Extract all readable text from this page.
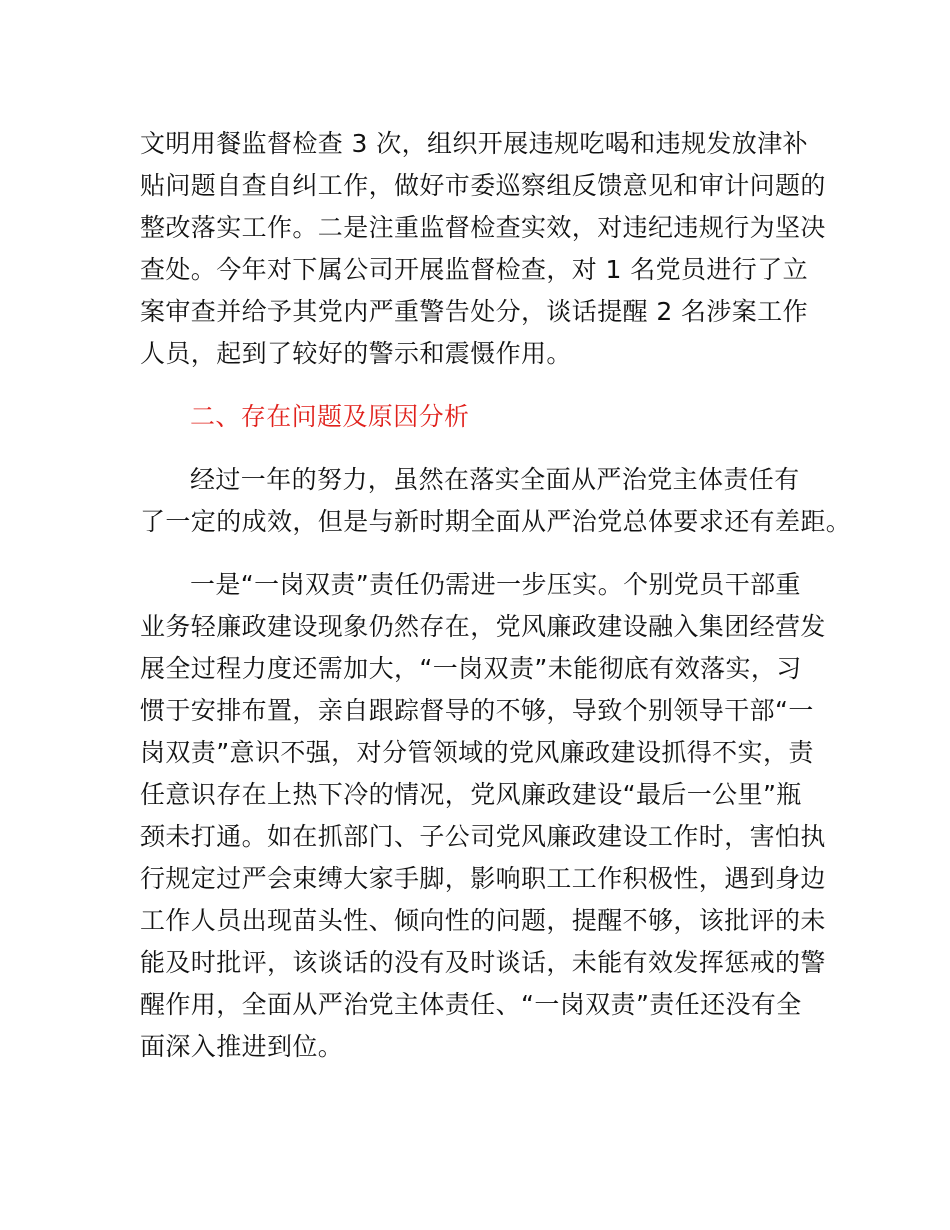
文明用餐监督检查 3 次，组织开展违规吃喝和违规发放津补
贴问题自查自纠工作，做好市委巡察组反馈意见和审计问题的
整改落实工作。二是注重监督检查实效，对违纪违规行为坚决
查处。今年对下属公司开展监督检查，对 1 名党员进行了立
案审查并给予其党内严重警告处分，谈话提醒 2 名涉案工作
人员，起到了较好的警示和震慑作用。
二、存在问题及原因分析
经过一年的努力，虽然在落实全面从严治党主体责任有
了一定的成效，但是与新时期全面从严治党总体要求还有差距。
一是“一岗双责”责任仍需进一步压实。个别党员干部重
业务轻廉政建设现象仍然存在，党风廉政建设融入集团经营发
展全过程力度还需加大，“一岗双责”未能彻底有效落实，习
惯于安排布置，亲自跟踪督导的不够，导致个别领导干部“一
岗双责”意识不强，对分管领域的党风廉政建设抓得不实，责
任意识存在上热下冷的情况，党风廉政建设“最后一公里”瓶
颈未打通。如在抓部门、子公司党风廉政建设工作时，害怕执
行规定过严会束缚大家手脚，影响职工工作积极性，遇到身边
工作人员出现苗头性、倾向性的问题，提醒不够，该批评的未
能及时批评，该谈话的没有及时谈话，未能有效发挥惩戒的警
醒作用，全面从严治党主体责任、“一岗双责”责任还没有全
面深入推进到位。
